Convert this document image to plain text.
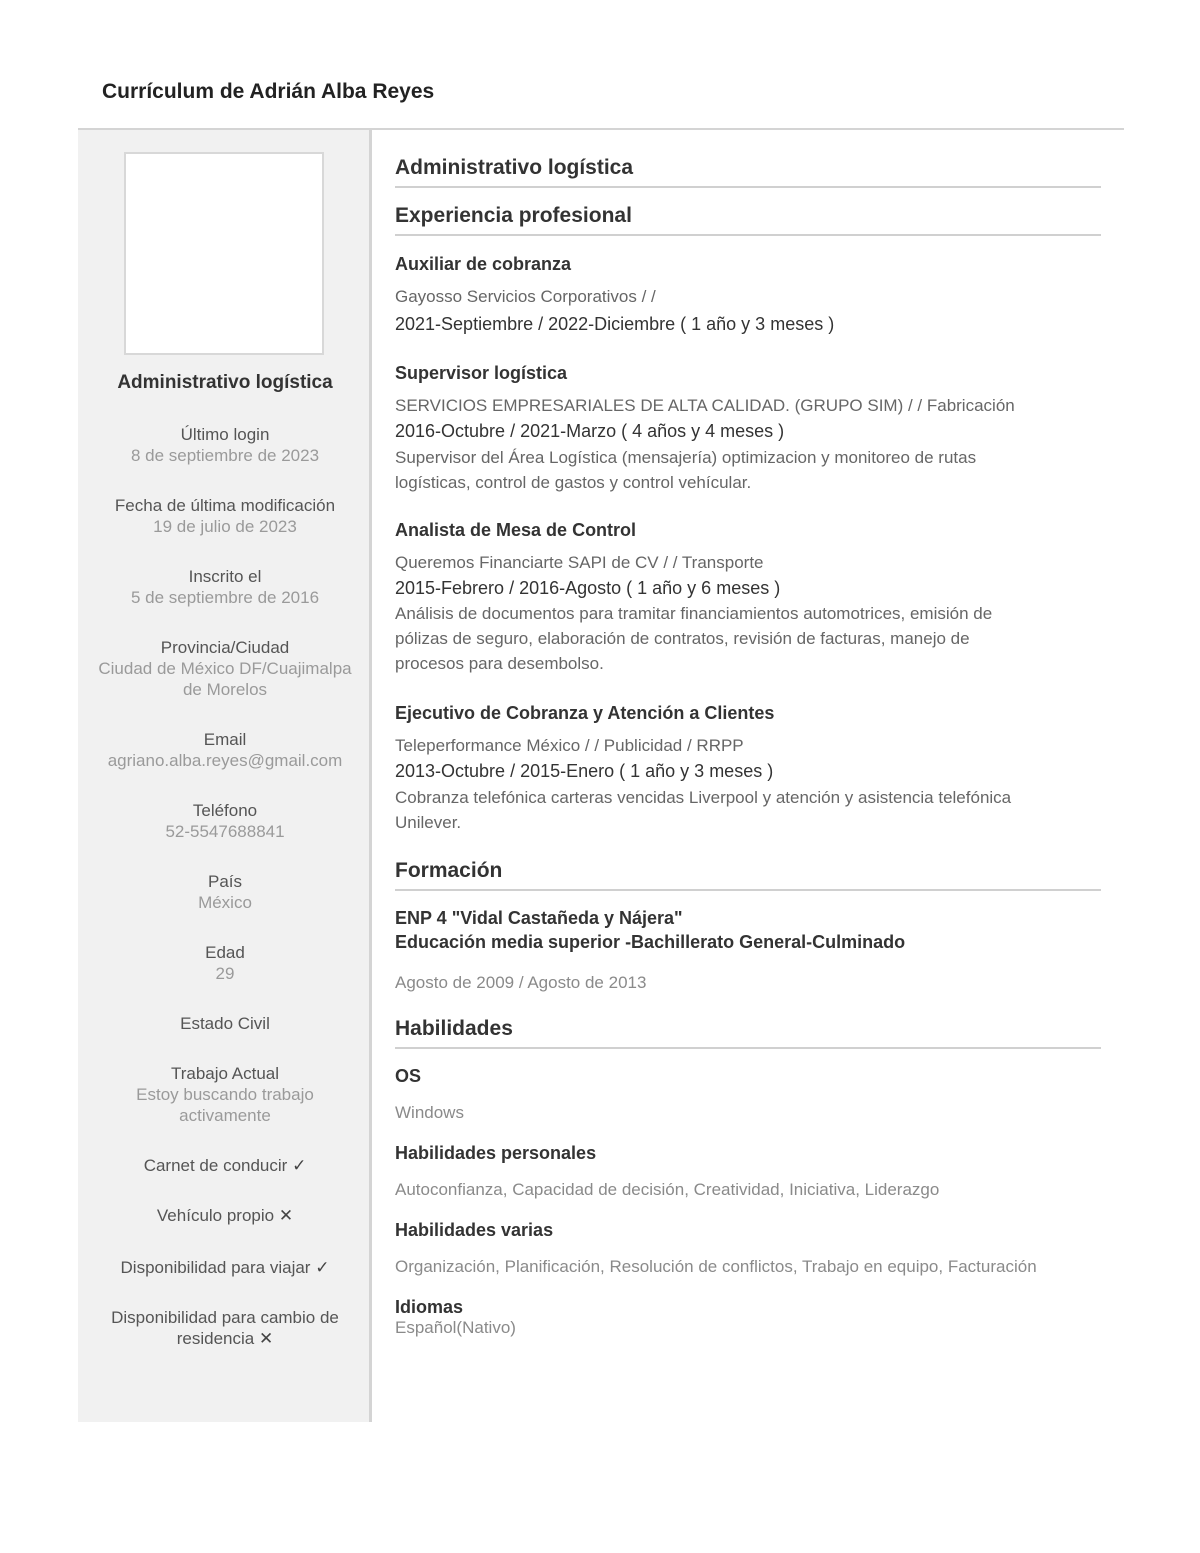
Currículum de Adrián Alba Reyes
Administrativo logística
Último login
8 de septiembre de 2023
Fecha de última modificación
19 de julio de 2023
Inscrito el
5 de septiembre de 2016
Provincia/Ciudad
Ciudad de México DF/Cuajimalpa
de Morelos
Email
agriano.alba.reyes@gmail.com
Teléfono
52-5547688841
País
México
Edad
29
Estado Civil
Trabajo Actual
Estoy buscando trabajo
activamente
Carnet de conducir ✓
Vehículo propio ✕
Disponibilidad para viajar ✓
Disponibilidad para cambio de
residencia ✕
Administrativo logística
Experiencia profesional
Auxiliar de cobranza
Gayosso Servicios Corporativos / /
2021-Septiembre / 2022-Diciembre ( 1 año y 3 meses )
Supervisor logística
SERVICIOS EMPRESARIALES DE ALTA CALIDAD. (GRUPO SIM) / / Fabricación
2016-Octubre / 2021-Marzo ( 4 años y 4 meses )
Supervisor del Área Logística (mensajería) optimizacion y monitoreo de rutas
logísticas, control de gastos y control vehícular.
Analista de Mesa de Control
Queremos Financiarte SAPI de CV / / Transporte
2015-Febrero / 2016-Agosto ( 1 año y 6 meses )
Análisis de documentos para tramitar financiamientos automotrices, emisión de
pólizas de seguro, elaboración de contratos, revisión de facturas, manejo de
procesos para desembolso.
Ejecutivo de Cobranza y Atención a Clientes
Teleperformance México / / Publicidad / RRPP
2013-Octubre / 2015-Enero ( 1 año y 3 meses )
Cobranza telefónica carteras vencidas Liverpool y atención y asistencia telefónica
Unilever.
Formación
ENP 4 "Vidal Castañeda y Nájera"
Educación media superior -Bachillerato General-Culminado
Agosto de 2009 / Agosto de 2013
Habilidades
OS
Windows
Habilidades personales
Autoconfianza, Capacidad de decisión, Creatividad, Iniciativa, Liderazgo
Habilidades varias
Organización, Planificación, Resolución de conflictos, Trabajo en equipo, Facturación
Idiomas
Español(Nativo)
